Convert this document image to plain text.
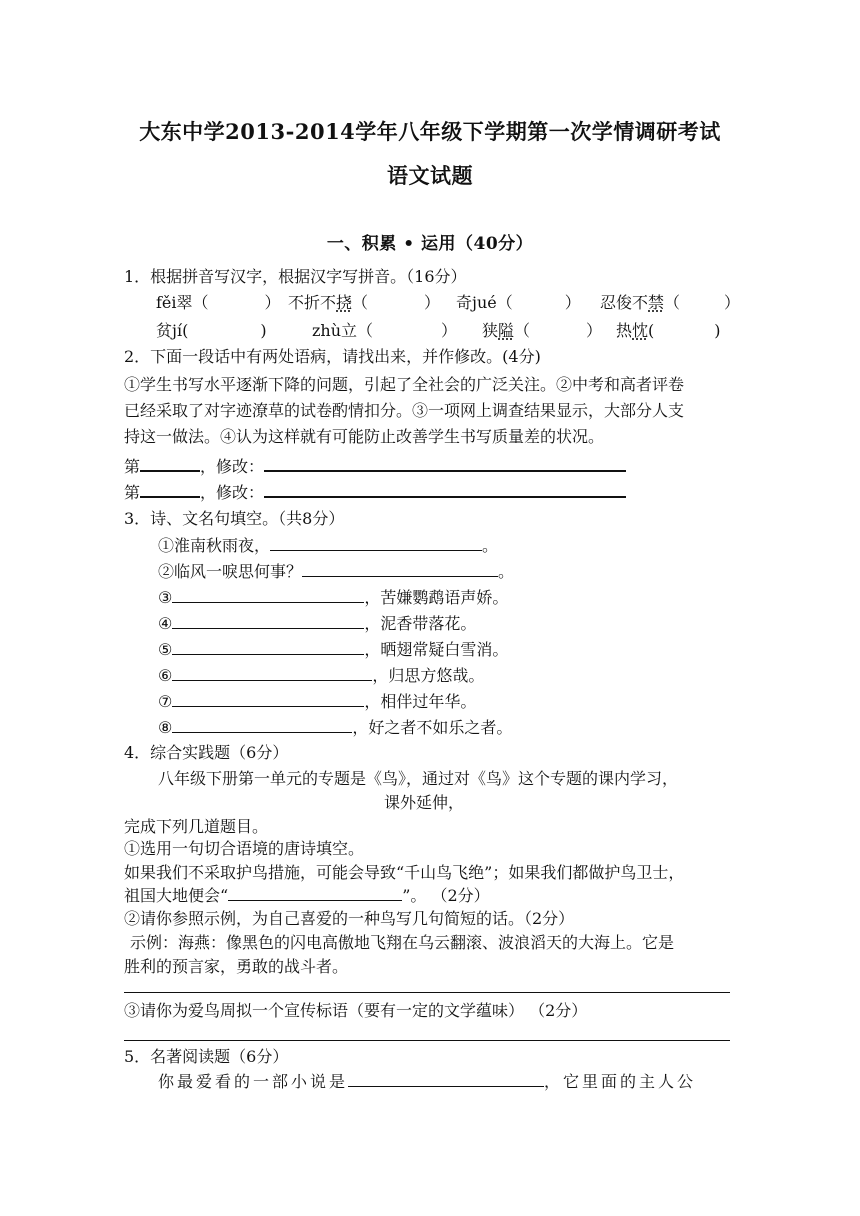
大东中学2013-2014学年八年级下学期第一次学情调研考试
语文试题
一、积累 • 运用（40分）
1．根据拼音写汉字，根据汉字写拼音。（16分）
fěi翠（	） 不折不挠（	） 奇jué（	） 忍俊不禁（	）
贫jí(	)	zhù立（	） 狭隘（	） 热忱(	)
2．下面一段话中有两处语病，请找出来，并作修改。(4分)
①学生书写水平逐渐下降的问题，引起了全社会的广泛关注。②中考和高者评卷
已经采取了对字迹潦草的试卷酌情扣分。③一项网上调查结果显示，大部分人支
持这一做法。④认为这样就有可能防止改善学生书写质量差的状况。
第	，修改：
第	，修改：
3．诗、文名句填空。（共8分）
①淮南秋雨夜，	。
②临风一唳思何事？	。
③	，苦嫌鹦鹉语声娇。
④	，泥香带落花。
⑤	，晒翅常疑白雪消。
⑥	，归思方悠哉。
⑦	，相伴过年华。
⑧	，好之者不如乐之者。
4．综合实践题（6分）
八年级下册第一单元的专题是《鸟》，通过对《鸟》这个专题的课内学习，
课外延伸，
完成下列几道题目。
①选用一句切合语境的唐诗填空。
如果我们不采取护鸟措施，可能会导致“千山鸟飞绝”；如果我们都做护鸟卫士，
祖国大地便会“	”。 （2分）
②请你参照示例，为自己喜爱的一种鸟写几句简短的话。（2分）
示例：海燕：像黑色的闪电高傲地飞翔在乌云翻滚、波浪滔天的大海上。它是
胜利的预言家，勇敢的战斗者。
③请你为爱鸟周拟一个宣传标语（要有一定的文学蕴味） （2分）
5．名著阅读题（6分）
你最爱看的一部小说是	，它里面的主人公
